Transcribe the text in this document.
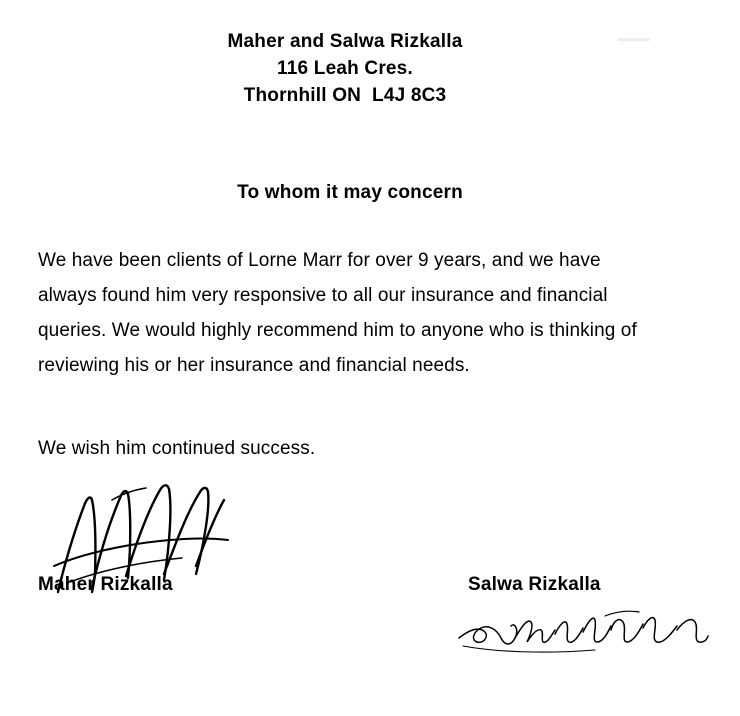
Maher and Salwa Rizkalla
116 Leah Cres.
Thornhill ON  L4J 8C3
To whom it may concern

We have been clients of Lorne Marr for over 9 years, and we have always found him very responsive to all our insurance and financial queries. We would highly recommend him to anyone who is thinking of reviewing his or her insurance and financial needs.

We wish him continued success.

Maher Rizkalla	Salwa Rizkalla
